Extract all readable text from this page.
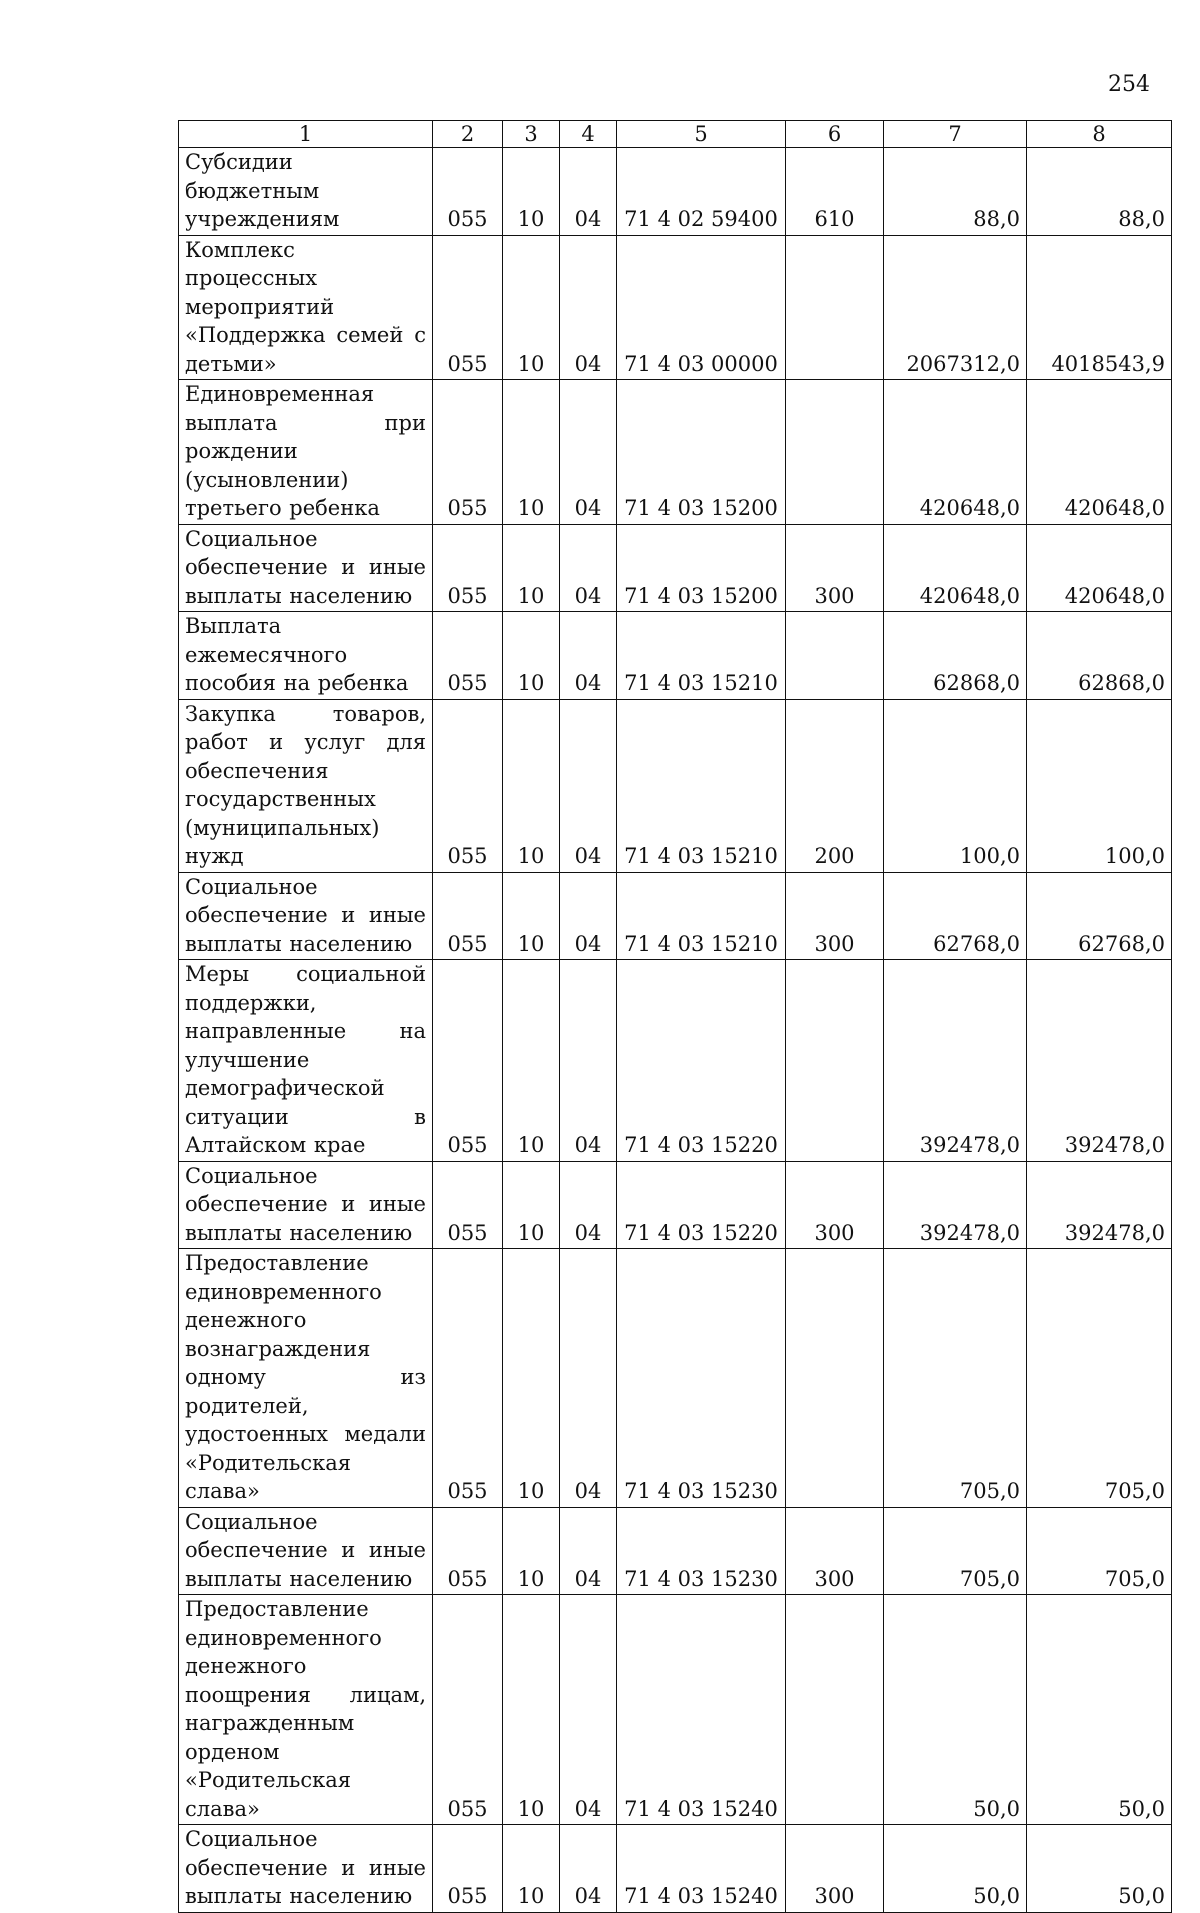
254
1	2	3	4	5	6	7	8
Субсидии бюджетным учреждениям	055	10	04	71 4 02 59400	610	88,0	88,0
Комплекс процессных мероприятий «Поддержка семей с детьми»	055	10	04	71 4 03 00000		2067312,0	4018543,9
Единовременная выплата при рождении (усыновлении) третьего ребенка	055	10	04	71 4 03 15200		420648,0	420648,0
Социальное обеспечение и иные выплаты населению	055	10	04	71 4 03 15200	300	420648,0	420648,0
Выплата ежемесячного пособия на ребенка	055	10	04	71 4 03 15210		62868,0	62868,0
Закупка товаров, работ и услуг для обеспечения государственных (муниципальных) нужд	055	10	04	71 4 03 15210	200	100,0	100,0
Социальное обеспечение и иные выплаты населению	055	10	04	71 4 03 15210	300	62768,0	62768,0
Меры социальной поддержки, направленные на улучшение демографической ситуации в Алтайском крае	055	10	04	71 4 03 15220		392478,0	392478,0
Социальное обеспечение и иные выплаты населению	055	10	04	71 4 03 15220	300	392478,0	392478,0
Предоставление единовременного денежного вознаграждения одному из родителей, удостоенных медали «Родительская слава»	055	10	04	71 4 03 15230		705,0	705,0
Социальное обеспечение и иные выплаты населению	055	10	04	71 4 03 15230	300	705,0	705,0
Предоставление единовременного денежного поощрения лицам, награжденным орденом «Родительская слава»	055	10	04	71 4 03 15240		50,0	50,0
Социальное обеспечение и иные выплаты населению	055	10	04	71 4 03 15240	300	50,0	50,0
